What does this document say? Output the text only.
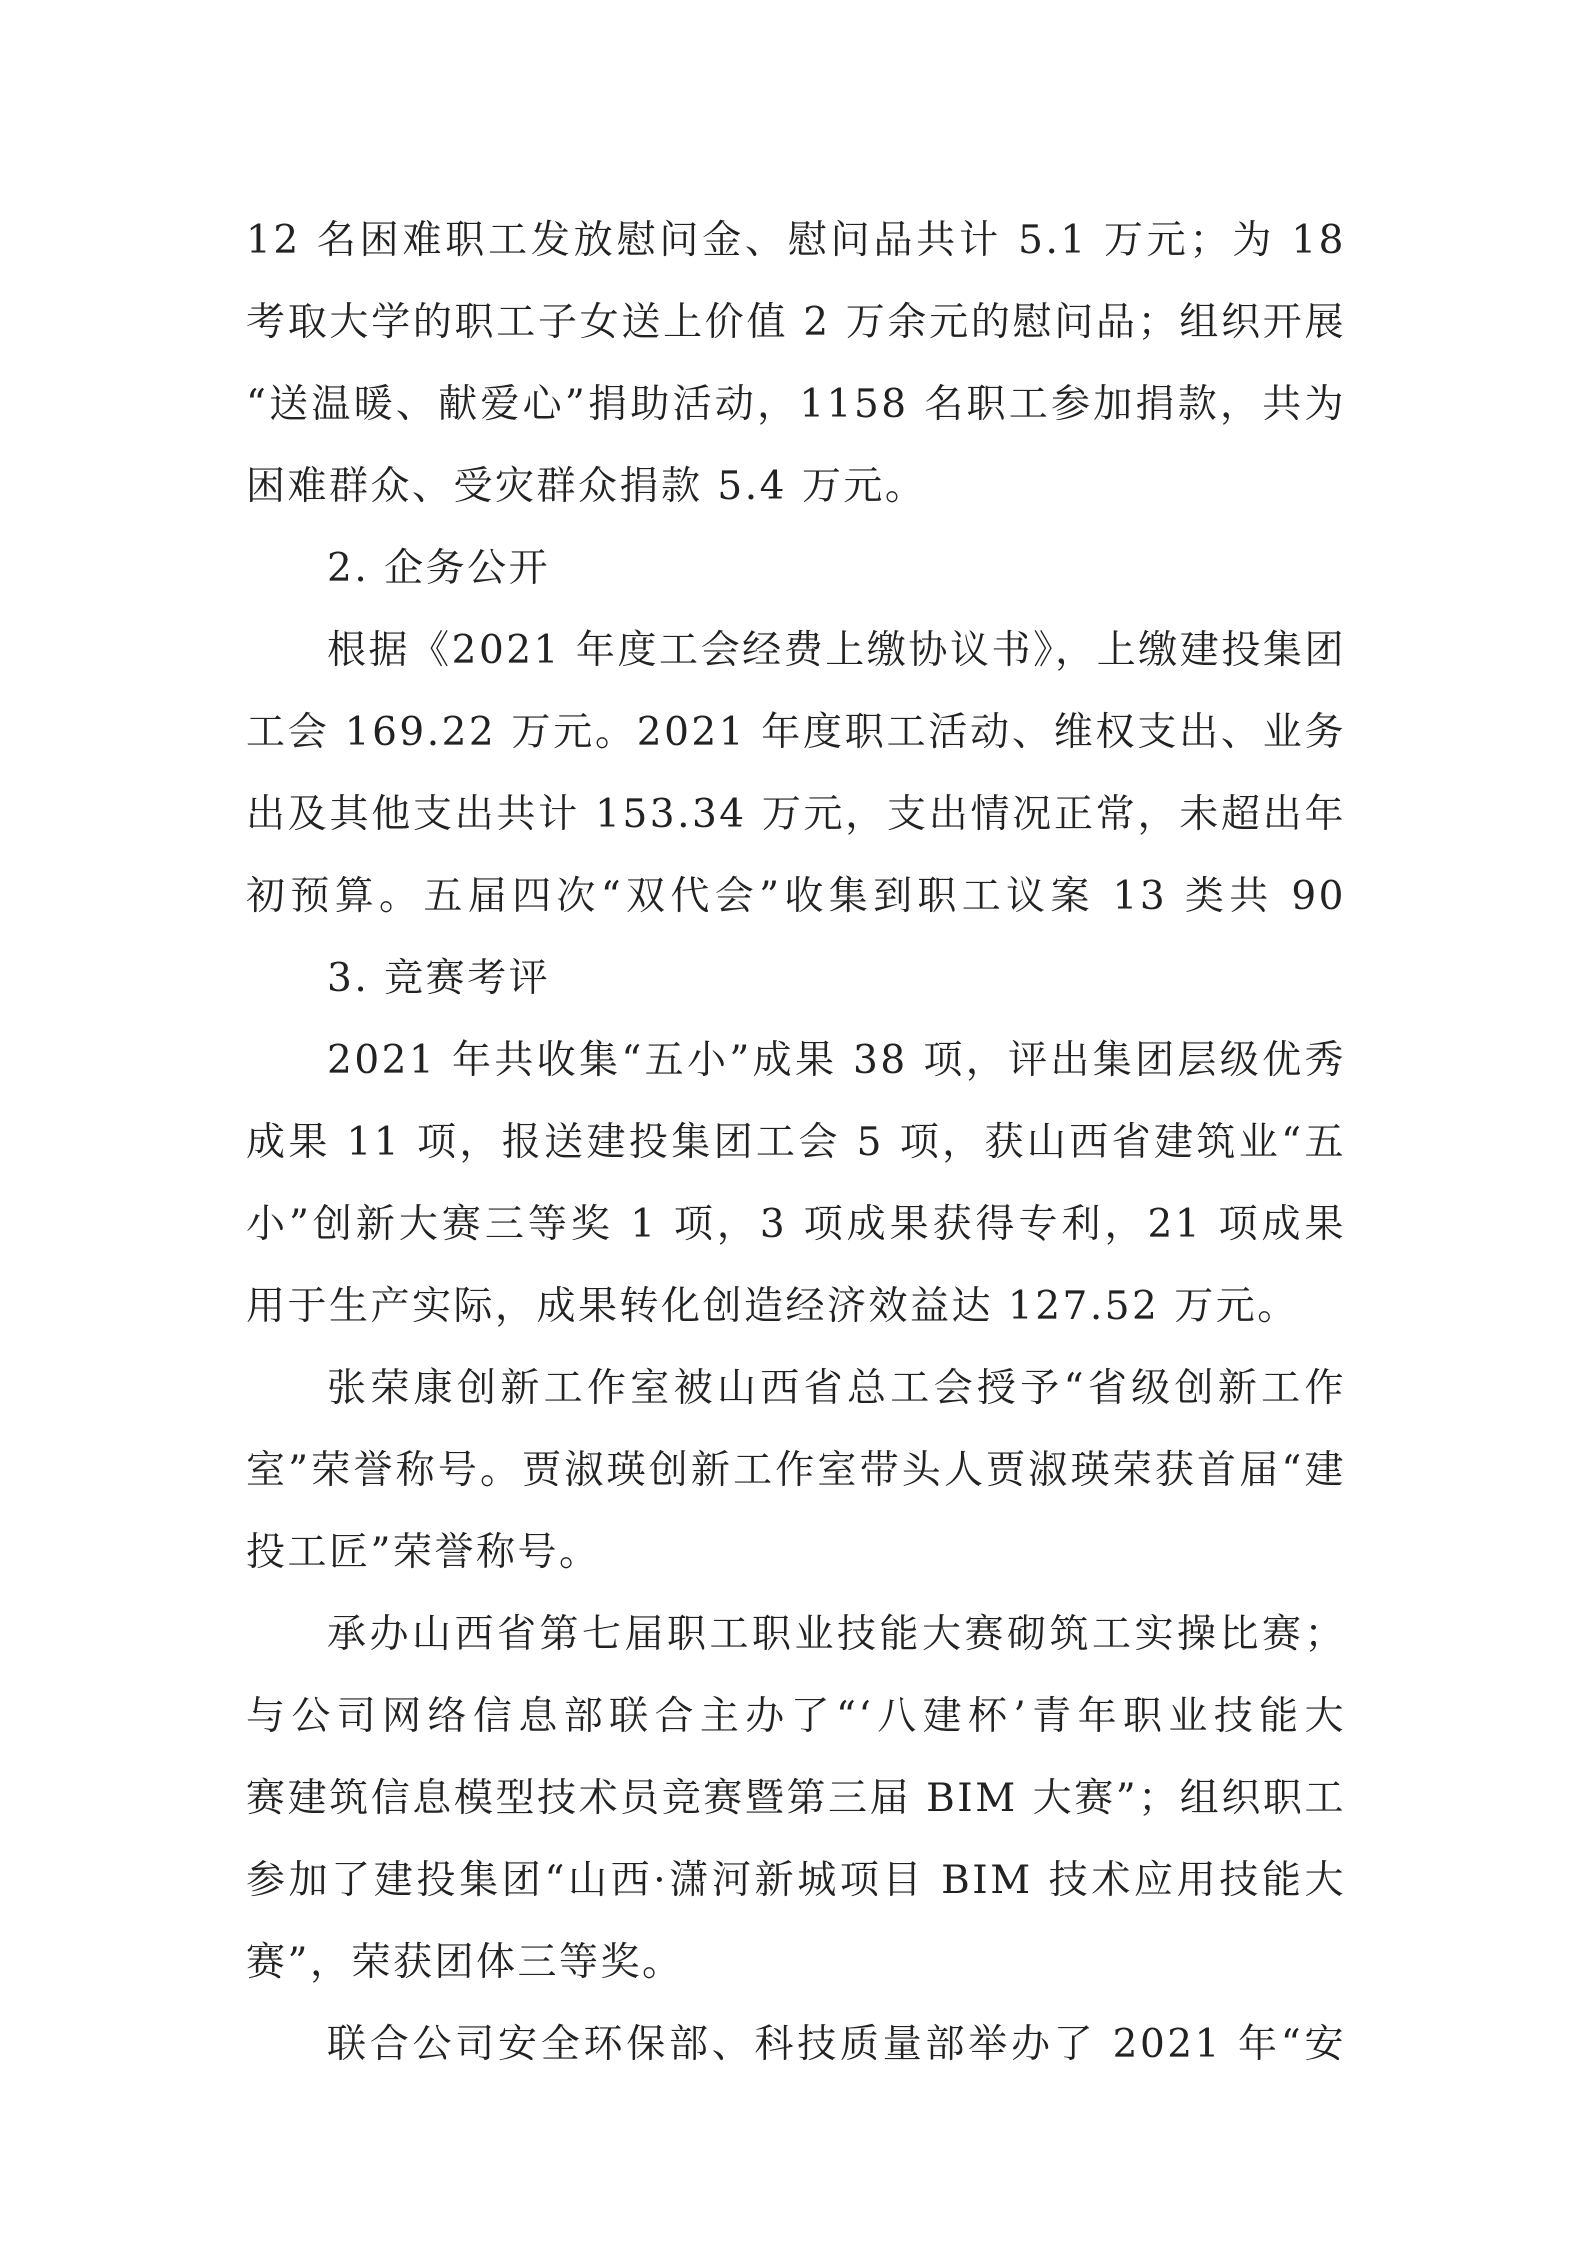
12 名困难职工发放慰问金、慰问品共计 5.1 万元；为 18
考取大学的职工子女送上价值 2 万余元的慰问品；组织开展
“送温暖、献爱心”捐助活动，1158 名职工参加捐款，共为
困难群众、受灾群众捐款 5.4 万元。
2. 企务公开
根据《2021 年度工会经费上缴协议书》，上缴建投集团
工会 169.22 万元。2021 年度职工活动、维权支出、业务
出及其他支出共计 153.34 万元，支出情况正常，未超出年
初预算。五届四次“双代会”收集到职工议案 13 类共 90
3. 竞赛考评
2021 年共收集“五小”成果 38 项，评出集团层级优秀
成果 11 项，报送建投集团工会 5 项，获山西省建筑业“五
小”创新大赛三等奖 1 项，3 项成果获得专利，21 项成果
用于生产实际，成果转化创造经济效益达 127.52 万元。
张荣康创新工作室被山西省总工会授予“省级创新工作
室”荣誉称号。贾淑瑛创新工作室带头人贾淑瑛荣获首届“建
投工匠”荣誉称号。
承办山西省第七届职工职业技能大赛砌筑工实操比赛；
与公司网络信息部联合主办了“‘八建杯’青年职业技能大
赛建筑信息模型技术员竞赛暨第三届 BIM 大赛”；组织职工
参加了建投集团“山西·潇河新城项目 BIM 技术应用技能大
赛”，荣获团体三等奖。
联合公司安全环保部、科技质量部举办了 2021 年“安
